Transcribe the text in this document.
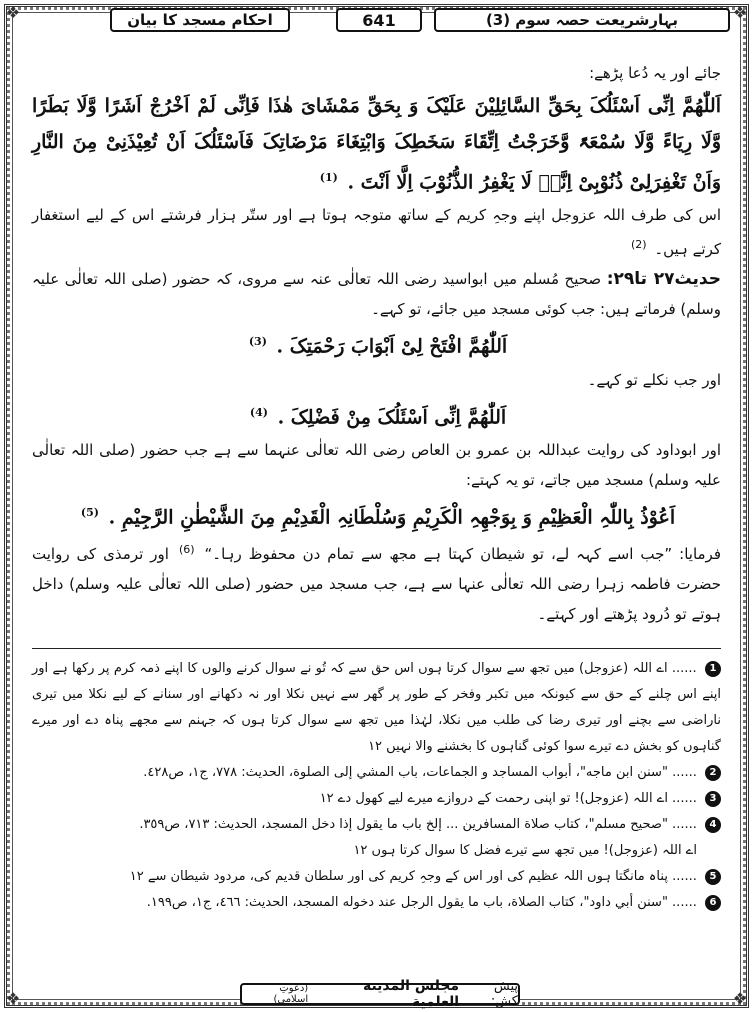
❖	❖
❖	❖
احکام مسجد کا بیان	641	بہارِشریعت حصہ سوم (3)

جائے اور یہ دُعا پڑھے:

اَللّٰھُمَّ اِنِّی اَسْئَلُکَ بِحَقِّ السَّائِلِیْنَ عَلَیْکَ وَ بِحَقِّ مَمْشَایَ ھٰذَا فَاِنِّی لَمْ اَخْرُجْ اَشَرًا وَّلَا بَطَرًا وَّلَا رِیَاءً وَّلَا سُمْعَۃً وَّخَرَجْتُ اِتِّقَاءَ سَخَطِکَ وَابْتِغَاءَ مَرْضَاتِکَ فَاَسْئَلُکَ اَنْ تُعِیْذَنِیْ مِنَ النَّارِ وَاَنْ تَغْفِرَلِیْ ذُنُوْبِیْ اِنَّہٗ لَا یَغْفِرُ الذُّنُوْبَ اِلَّا اَنْتَ . $^{(1)}$

اس کی طرف اللہ عزوجل اپنے وجہِ کریم کے ساتھ متوجہ ہوتا ہے اور ستّر ہزار فرشتے اس کے لیے استغفار کرتے ہیں۔ $^{(2)}$

حدیث۲۷ تا۲۹: صحیح مُسلم میں ابواسید رضی اللہ تعالٰی عنہ سے مروی، کہ حضور (صلی اللہ تعالٰی علیہ وسلم) فرماتے ہیں: جب کوئی مسجد میں جائے، تو کہے۔

اَللّٰھُمَّ افْتَحْ لِیْ اَبْوَابَ رَحْمَتِکَ . $^{(3)}$

اور جب نکلے تو کہے۔

اَللّٰھُمَّ اِنِّی اَسْئَلُکَ مِنْ فَضْلِکَ . $^{(4)}$

اور ابوداود کی روایت عبداللہ بن عمرو بن العاص رضی اللہ تعالٰی عنہما سے ہے جب حضور (صلی اللہ تعالٰی علیہ وسلم) مسجد میں جاتے، تو یہ کہتے:

اَعُوْذُ بِاللّٰہِ الْعَظِیْمِ وَ بِوَجْھِہِ الْکَرِیْمِ وَسُلْطَانِہِ الْقَدِیْمِ مِنَ الشَّیْطٰنِ الرَّجِیْمِ . $^{(5)}$

فرمایا: ”جب اسے کہہ لے، تو شیطان کہتا ہے مجھ سے تمام دن محفوظ رہا۔“ $^{(6)}$ اور ترمذی کی روایت حضرت فاطمہ زہرا رضی اللہ تعالٰی عنہا سے ہے، جب مسجد میں حضور (صلی اللہ تعالٰی علیہ وسلم) داخل ہوتے تو دُرود پڑھتے اور کہتے۔

1 ...... اے اللہ (عزوجل) میں تجھ سے سوال کرتا ہوں اس حق سے کہ تُو نے سوال کرنے والوں کا اپنے ذمہ کرم پر رکھا ہے اور اپنے اس چلنے کے حق سے کیونکہ میں تکبر وفخر کے طور پر گھر سے نہیں نکلا اور نہ دکھانے اور سنانے کے لیے نکلا میں تیری ناراضی سے بچنے اور تیری رضا کی طلب میں نکلا، لہٰذا میں تجھ سے سوال کرتا ہوں کہ جہنم سے مجھے پناہ دے اور میرے گناہوں کو بخش دے تیرے سوا کوئی گناہوں کا بخشنے والا نہیں ۱۲

2 ...... "سنن ابن ماجه"، أبواب المساجد و الجماعات، باب المشي إلى الصلوة، الحديث: ٧٧٨، ج١، ص٤٢٨.

3 ...... اے اللہ (عزوجل)! تو اپنی رحمت کے دروازے میرے لیے کھول دے ۱۲

4 ...... "صحيح مسلم"، كتاب صلاة المسافرين ... إلخ باب ما يقول إذا دخل المسجد، الحديث: ٧١٣، ص٣٥٩.

اے اللہ (عزوجل)! میں تجھ سے تیرے فضل کا سوال کرتا ہوں ۱۲

5 ...... پناہ مانگتا ہوں اللہ عظیم کی اور اس کے وجہِ کریم کی اور سلطان قدیم کی، مردود شیطان سے ۱۲

6 ...... "سنن أبي داود"، كتاب الصلاة، باب ما يقول الرجل عند دخوله المسجد، الحديث: ٤٦٦، ج١، ص١٩٩.

پیش کش:
مجلس المدينة العلمية
(دعوتِ اسلامی)
